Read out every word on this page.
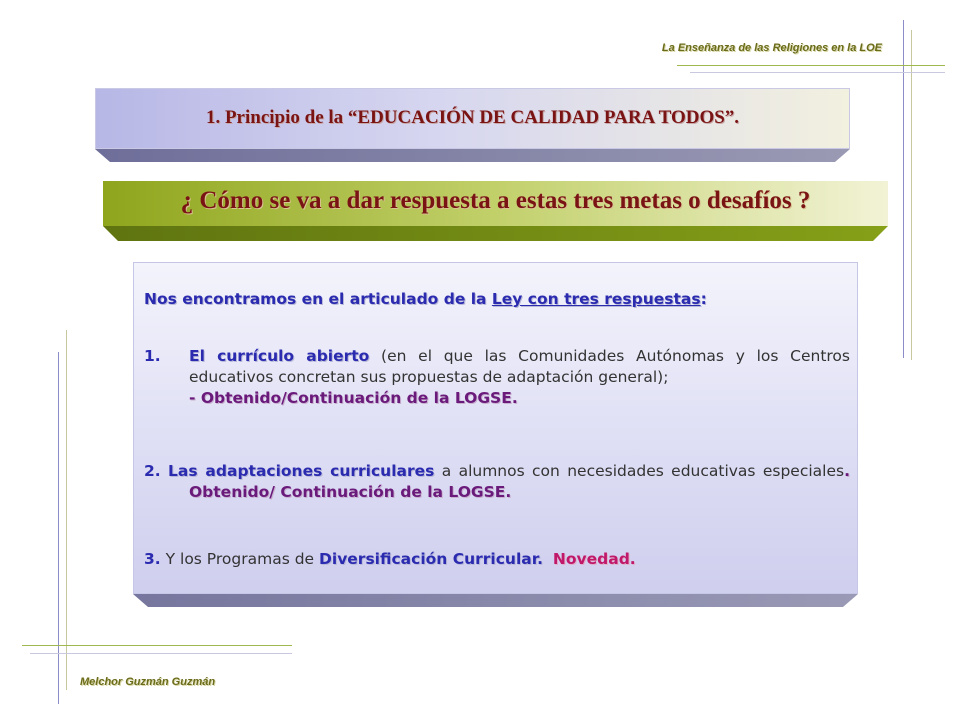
La Enseñanza de las Religiones en la LOE
1. Principio de la “EDUCACIÓN DE CALIDAD PARA TODOS”.
¿ Cómo se va a dar respuesta a estas tres metas o desafíos ?
Nos encontramos en el articulado de la Ley con tres respuestas:
1.	El currículo abierto (en el que las Comunidades Autónomas y los Centros educativos concretan sus propuestas de adaptación general);
- Obtenido/Continuación de la LOGSE.
2. Las adaptaciones curriculares a alumnos con necesidades educativas especiales. Obtenido/ Continuación de la LOGSE.
3. Y los Programas de Diversificación Curricular. Novedad.
Melchor Guzmán Guzmán
